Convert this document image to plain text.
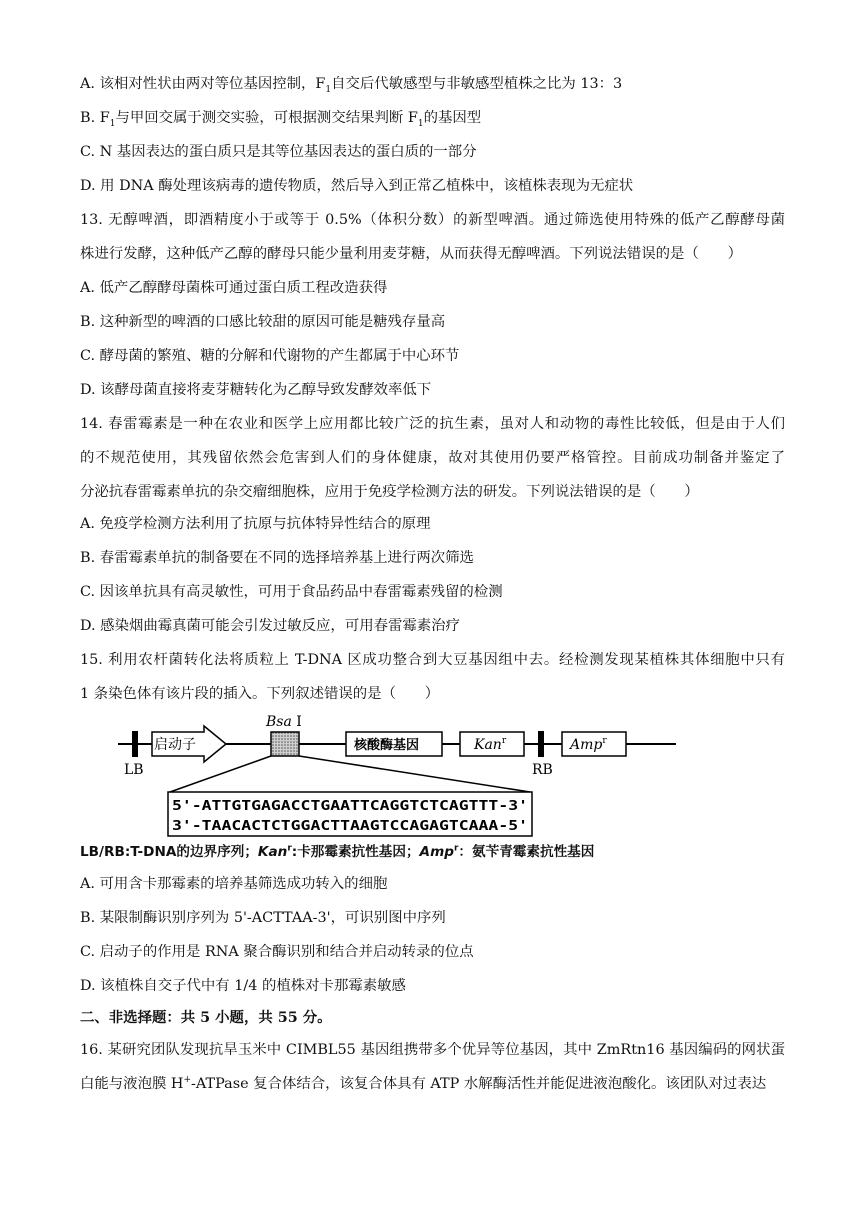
A. 该相对性状由两对等位基因控制，$F_1$自交后代敏感型与非敏感型植株之比为 13：3
B. $F_1$与甲回交属于测交实验，可根据测交结果判断 $F_1$的基因型
C. N 基因表达的蛋白质只是其等位基因表达的蛋白质的一部分
D. 用 DNA 酶处理该病毒的遗传物质，然后导入到正常乙植株中，该植株表现为无症状
13. 无醇啤酒，即酒精度小于或等于 0.5%（体积分数）的新型啤酒。通过筛选使用特殊的低产乙醇酵母菌
株进行发酵，这种低产乙醇的酵母只能少量利用麦芽糖，从而获得无醇啤酒。下列说法错误的是（　　）
A. 低产乙醇酵母菌株可通过蛋白质工程改造获得
B. 这种新型的啤酒的口感比较甜的原因可能是糖残存量高
C. 酵母菌的繁殖、糖的分解和代谢物的产生都属于中心环节
D. 该酵母菌直接将麦芽糖转化为乙醇导致发酵效率低下
14. 春雷霉素是一种在农业和医学上应用都比较广泛的抗生素，虽对人和动物的毒性比较低，但是由于人们
的不规范使用，其残留依然会危害到人们的身体健康，故对其使用仍要严格管控。目前成功制备并鉴定了
分泌抗春雷霉素单抗的杂交瘤细胞株，应用于免疫学检测方法的研发。下列说法错误的是（　　）
A. 免疫学检测方法利用了抗原与抗体特异性结合的原理
B. 春雷霉素单抗的制备要在不同的选择培养基上进行两次筛选
C. 因该单抗具有高灵敏性，可用于食品药品中春雷霉素残留的检测
D. 感染烟曲霉真菌可能会引发过敏反应，可用春雷霉素治疗
15. 利用农杆菌转化法将质粒上 T-DNA 区成功整合到大豆基因组中去。经检测发现某植株其体细胞中只有
1 条染色体有该片段的插入。下列叙述错误的是（　　）
LB
启动子
Bsa I
核酸酶基因	Kan$^r$
RB
Amp$^r$
5'-ATTGTGAGACCTGAATTCAGGTCTCAGTTT-3'
3'-TAACACTCTGGACTTAAGTCCAGAGTCAAA-5'
LB/RB:T-DNA的边界序列；Kan$^r$:卡那霉素抗性基因；Amp$^r$：氨苄青霉素抗性基因
A. 可用含卡那霉素的培养基筛选成功转入的细胞
B. 某限制酶识别序列为 5'-ACTTAA-3'，可识别图中序列
C. 启动子的作用是 RNA 聚合酶识别和结合并启动转录的位点
D. 该植株自交子代中有 1/4 的植株对卡那霉素敏感
二、非选择题：共 5 小题，共 55 分。
16. 某研究团队发现抗旱玉米中 CIMBL55 基因组携带多个优异等位基因，其中 ZmRtn16 基因编码的网状蛋
白能与液泡膜 H+-ATPase 复合体结合，该复合体具有 ATP 水解酶活性并能促进液泡酸化。该团队对过表达
